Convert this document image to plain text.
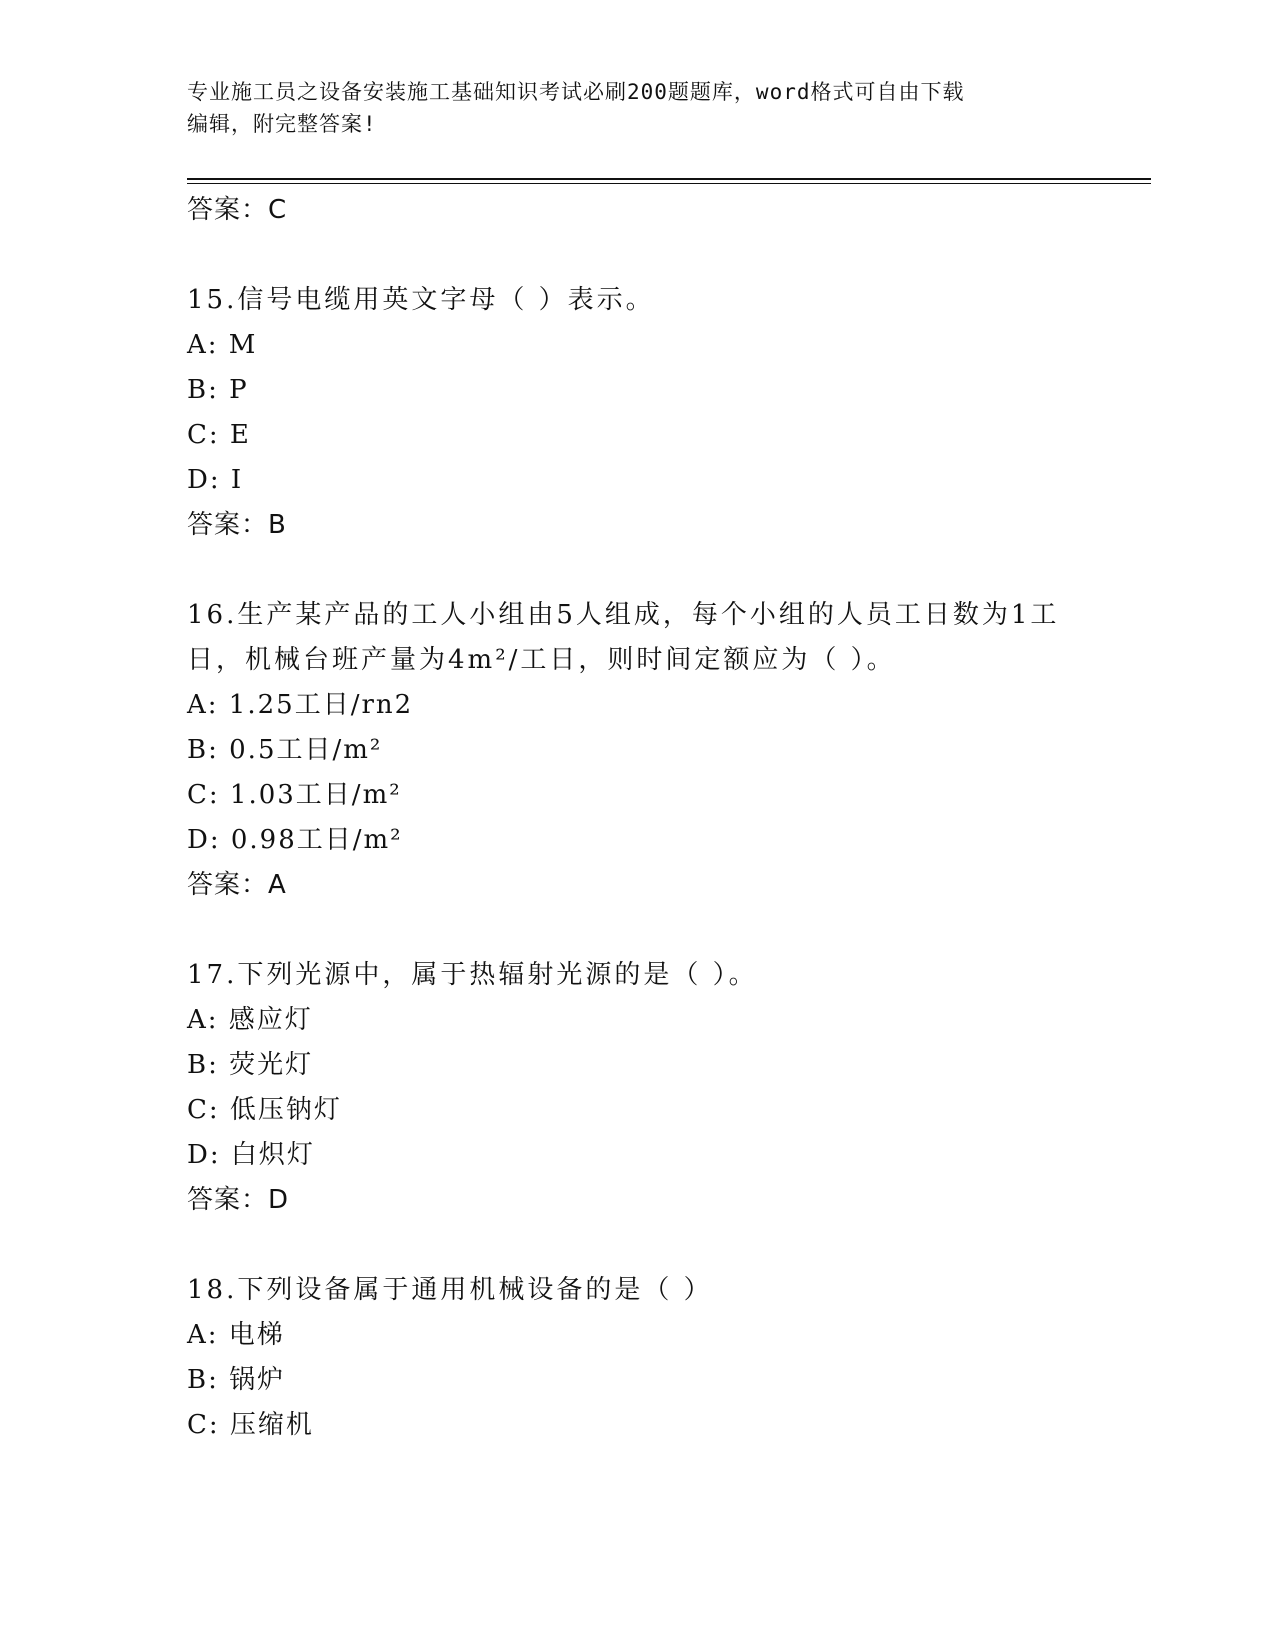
专业施工员之设备安装施工基础知识考试必刷200题题库，word格式可自由下载
编辑，附完整答案!
答案：C
15.信号电缆用英文字母（ ）表示。
A: M
B: P
C: E
D: I
答案：B
16.生产某产品的工人小组由5人组成，每个小组的人员工日数为1工
日，机械台班产量为4m²/工日，则时间定额应为（ ）。
A: 1.25工日/rn2
B: 0.5工日/m²
C: 1.03工日/m²
D: 0.98工日/m²
答案：A
17.下列光源中，属于热辐射光源的是（ ）。
A: 感应灯
B: 荧光灯
C: 低压钠灯
D: 白炽灯
答案：D
18.下列设备属于通用机械设备的是（ ）
A: 电梯
B: 锅炉
C: 压缩机
